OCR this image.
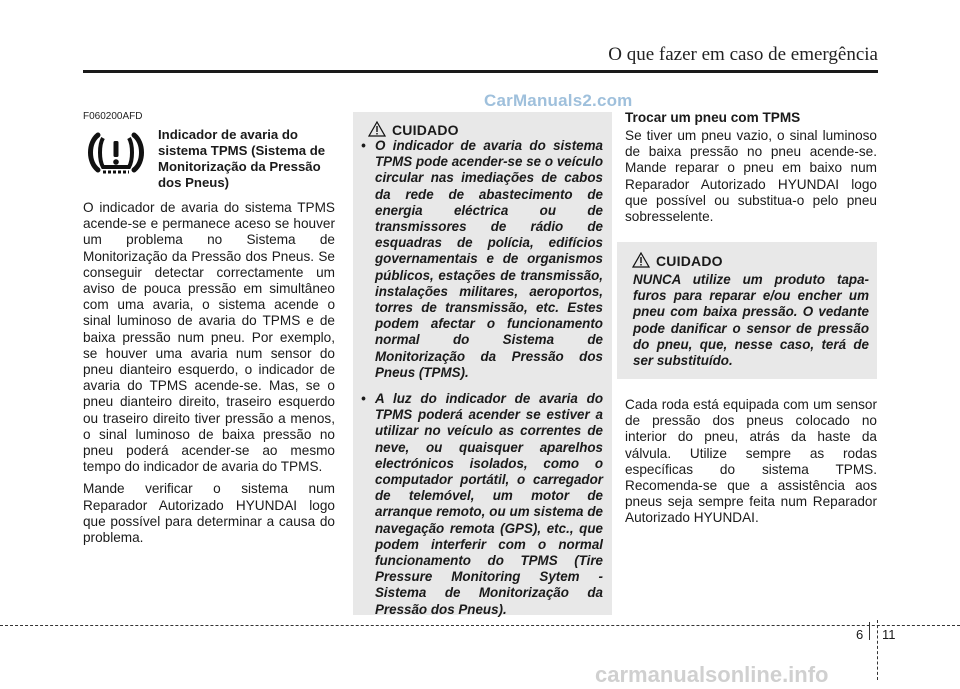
O que fazer em caso de emergência
CarManuals2.com
F060200AFD
Indicador de avaria do sistema TPMS (Sistema de Monitorização da Pressão dos Pneus)

O indicador de avaria do sistema TPMS acende-se e permanece aceso se houver um problema no Sistema de Monitorização da Pressão dos Pneus. Se conseguir detectar correctamente um aviso de pouca pressão em simultâneo com uma avaria, o sistema acende o sinal luminoso de avaria do TPMS e de baixa pressão num pneu. Por exemplo, se houver uma avaria num sensor do pneu dianteiro esquerdo, o indicador de avaria do TPMS acende-se. Mas, se o pneu dianteiro direito, traseiro esquerdo ou traseiro direito tiver pressão a menos, o sinal luminoso de baixa pressão no pneu poderá acender-se ao mesmo tempo do indicador de avaria do TPMS.

Mande verificar o sistema num Reparador Autorizado HYUNDAI logo que possível para determinar a causa do problema.

CUIDADO
• O indicador de avaria do sistema TPMS pode acender-se se o veículo circular nas imediações de cabos da rede de abastecimento de energia eléctrica ou de transmissores de rádio de esquadras de polícia, edifícios governamentais e de organismos públicos, estações de transmissão, instalações militares, aeroportos, torres de transmissão, etc. Estes podem afectar o funcionamento normal do Sistema de Monitorização da Pressão dos Pneus (TPMS).
• A luz do indicador de avaria do TPMS poderá acender se estiver a utilizar no veículo as correntes de neve, ou quaisquer aparelhos electrónicos isolados, como o computador portátil, o carregador de telemóvel, um motor de arranque remoto, ou um sistema de navegação remota (GPS), etc., que podem interferir com o normal funcionamento do TPMS (Tire Pressure Monitoring Sytem - Sistema de Monitorização da Pressão dos Pneus).
Trocar um pneu com TPMS

Se tiver um pneu vazio, o sinal luminoso de baixa pressão no pneu acende-se. Mande reparar o pneu em baixo num Reparador Autorizado HYUNDAI logo que possível ou substitua-o pelo pneu sobresselente.

CUIDADO

NUNCA utilize um produto tapa-furos para reparar e/ou encher um pneu com baixa pressão. O vedante pode danificar o sensor de pressão do pneu, que, nesse caso, terá de ser substituído.

Cada roda está equipada com um sensor de pressão dos pneus colocado no interior do pneu, atrás da haste da válvula. Utilize sempre as rodas específicas do sistema TPMS. Recomenda-se que a assistência aos pneus seja sempre feita num Reparador Autorizado HYUNDAI.

6 11
carmanualsonline.info
